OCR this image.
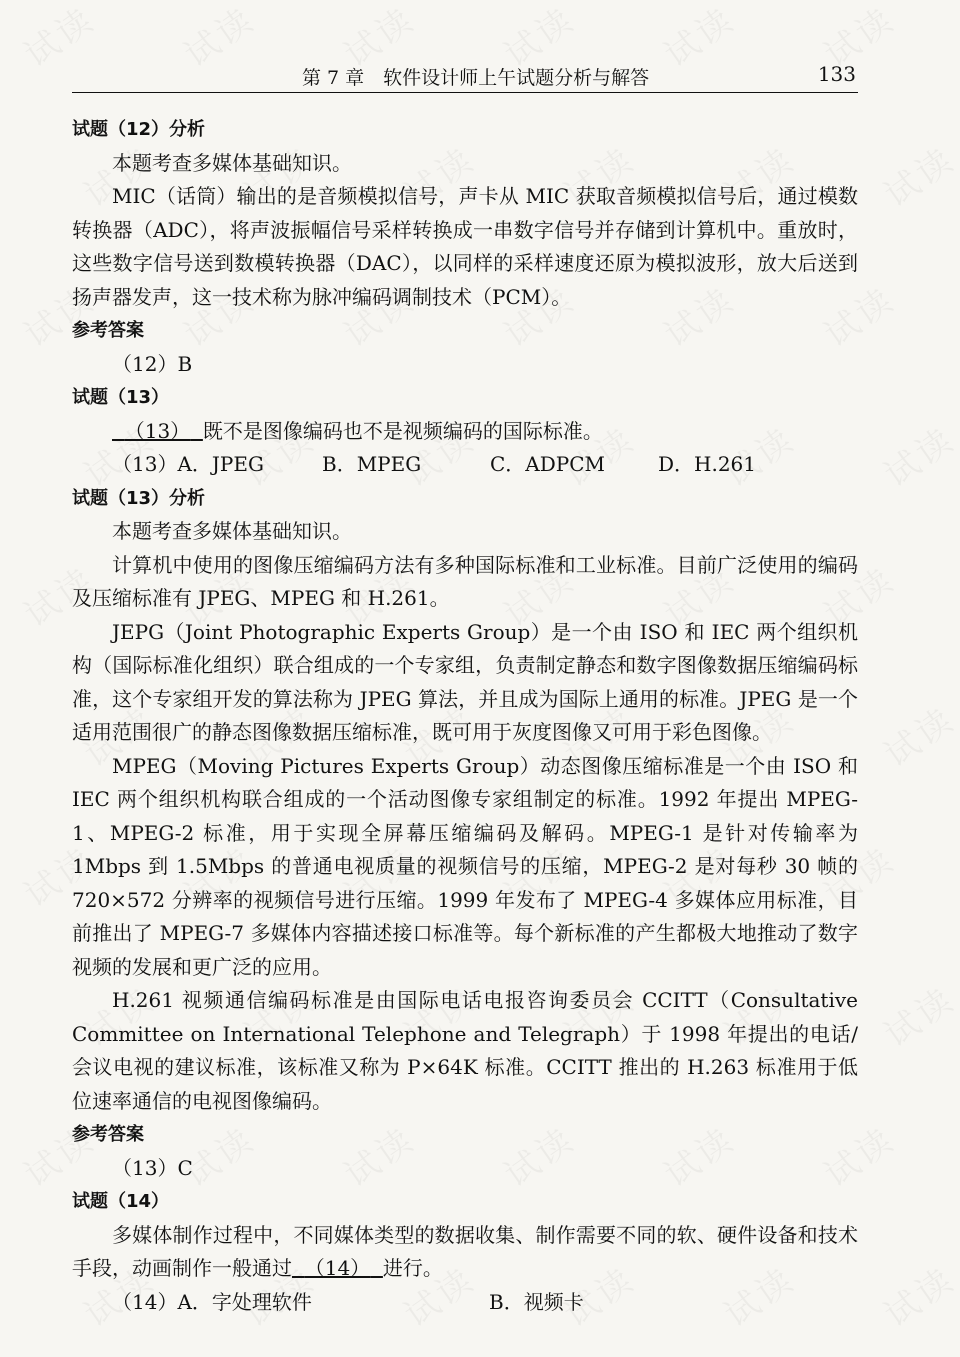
第 7 章　软件设计师上午试题分析与解答	133

试题（12）分析

本题考查多媒体基础知识。

MIC（话筒）输出的是音频模拟信号，声卡从 MIC 获取音频模拟信号后，通过模数转换器（ADC），将声波振幅信号采样转换成一串数字信号并存储到计算机中。重放时，这些数字信号送到数模转换器（DAC），以同样的采样速度还原为模拟波形，放大后送到扬声器发声，这一技术称为脉冲编码调制技术（PCM）。

参考答案

（12）B

试题（13）

（13） 既不是图像编码也不是视频编码的国际标准。

（13）A．JPEG	B．MPEG	C．ADPCM	D．H.261

试题（13）分析

本题考查多媒体基础知识。

计算机中使用的图像压缩编码方法有多种国际标准和工业标准。目前广泛使用的编码及压缩标准有 JPEG、MPEG 和 H.261。

JEPG（Joint Photographic Experts Group）是一个由 ISO 和 IEC 两个组织机构（国际标准化组织）联合组成的一个专家组，负责制定静态和数字图像数据压缩编码标准，这个专家组开发的算法称为 JPEG 算法，并且成为国际上通用的标准。JPEG 是一个适用范围很广的静态图像数据压缩标准，既可用于灰度图像又可用于彩色图像。

MPEG（Moving Pictures Experts Group）动态图像压缩标准是一个由 ISO 和 IEC 两个组织机构联合组成的一个活动图像专家组制定的标准。1992 年提出 MPEG-1、MPEG-2 标准，用于实现全屏幕压缩编码及解码。MPEG-1 是针对传输率为 1Mbps 到 1.5Mbps 的普通电视质量的视频信号的压缩，MPEG-2 是对每秒 30 帧的 720×572 分辨率的视频信号进行压缩。1999 年发布了 MPEG-4 多媒体应用标准，目前推出了 MPEG-7 多媒体内容描述接口标准等。每个新标准的产生都极大地推动了数字视频的发展和更广泛的应用。

H.261 视频通信编码标准是由国际电话电报咨询委员会 CCITT（Consultative Committee on International Telephone and Telegraph）于 1998 年提出的电话/会议电视的建议标准，该标准又称为 P×64K 标准。CCITT 推出的 H.263 标准用于低位速率通信的电视图像编码。

参考答案

（13）C

试题（14）

多媒体制作过程中，不同媒体类型的数据收集、制作需要不同的软、硬件设备和技术手段，动画制作一般通过 （14） 进行。

（14）A．字处理软件	B．视频卡
